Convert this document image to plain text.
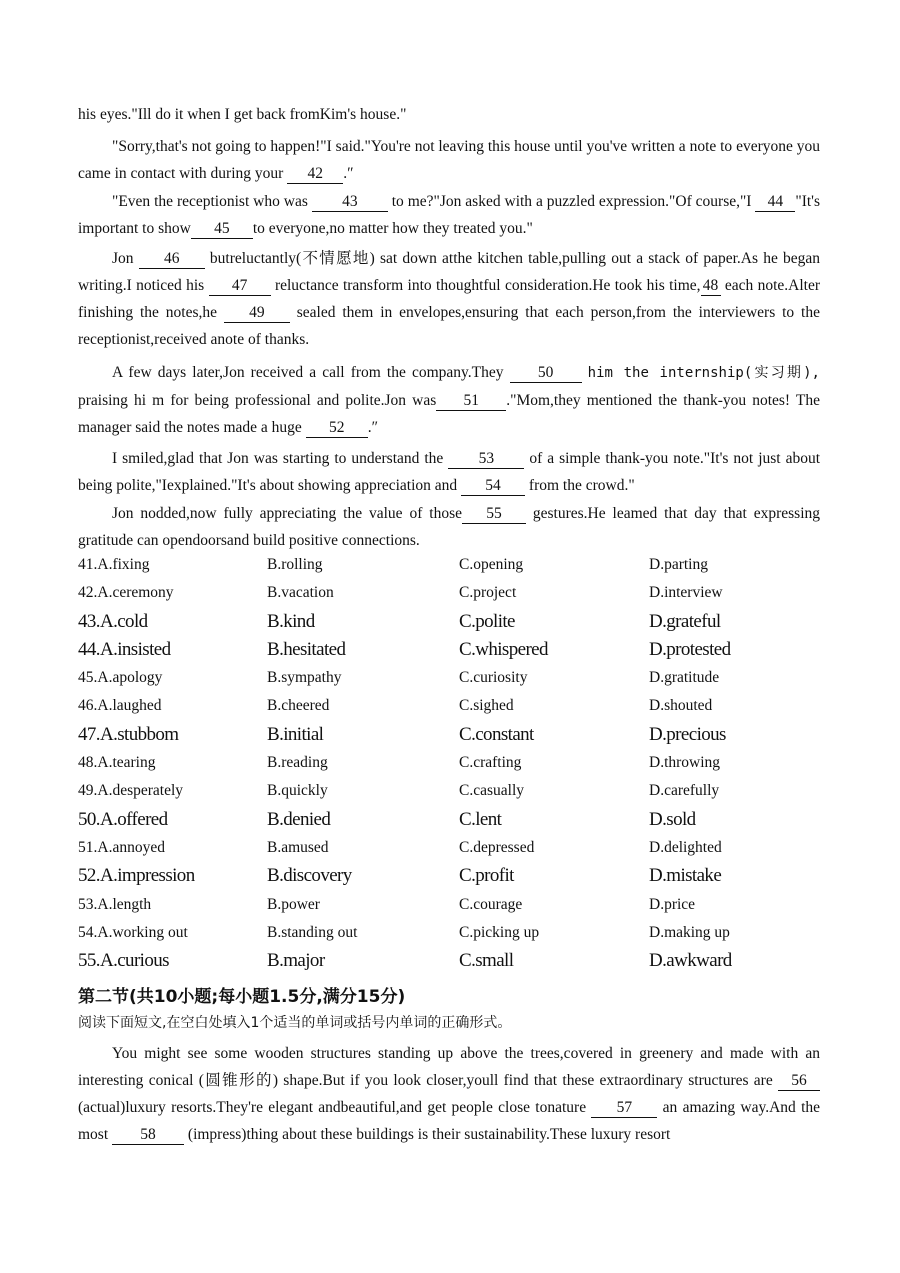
his eyes."Ill do it when I get back fromKim's house."

"Sorry,that's not going to happen!"I said."You're not leaving this house until you've written a note to everyone you came in contact with during your 42 .″

"Even the receptionist who was 43 to me?"Jon asked with a puzzled expression."Of course,"I 44 "It's important to show 45 to everyone,no matter how they treated you."

Jon 46 butreluctantly(不情愿地) sat down atthe kitchen table,pulling out a stack of paper.As he began writing.I noticed his 47 reluctance transform into thoughtful consideration.He took his time, 48 each note.Alter finishing the notes,he 49 sealed them in envelopes,ensuring that each person,from the interviewers to the receptionist,received anote of thanks.

A few days later,Jon received a call from the company.They 50 him the internship(实习期), praising hi m for being professional and polite.Jon was 51 ."Mom,they mentioned the thank-you notes! The manager said the notes made a huge 52 .″

I smiled,glad that Jon was starting to understand the 53 of a simple thank-you note."It's not just about being polite,"Iexplained."It's about showing appreciation and 54 from the crowd."

Jon nodded,now fully appreciating the value of those 55 gestures.He leamed that day that expressing gratitude can opendoorsand build positive connections.

41.A.fixing	B.rolling	C.opening	D.parting
42.A.ceremony	B.vacation	C.project	D.interview
43.A.cold	B.kind	C.polite	D.grateful
44.A.insisted	B.hesitated	C.whispered	D.protested
45.A.apology	B.sympathy	C.curiosity	D.gratitude
46.A.laughed	B.cheered	C.sighed	D.shouted
47.A.stubbom	B.initial	C.constant	D.precious
48.A.tearing	B.reading	C.crafting	D.throwing
49.A.desperately	B.quickly	C.casually	D.carefully
50.A.offered	B.denied	C.lent	D.sold
51.A.annoyed	B.amused	C.depressed	D.delighted
52.A.impression	B.discovery	C.profit	D.mistake
53.A.length	B.power	C.courage	D.price
54.A.working out	B.standing out	C.picking up	D.making up
55.A.curious	B.major	C.small	D.awkward
第二节(共10小题;每小题1.5分,满分15分)

阅读下面短文,在空白处填入1个适当的单词或括号内单词的正确形式。

You might see some wooden structures standing up above the trees,covered in greenery and made with an interesting conical (圆锥形的) shape.But if you look closer,youll find that these extraordinary structures are 56 (actual)luxury resorts.They're elegant andbeautiful,and get people close tonature 57 an amazing way.And the most 58 (impress)thing about these buildings is their sustainability.These luxury resort
